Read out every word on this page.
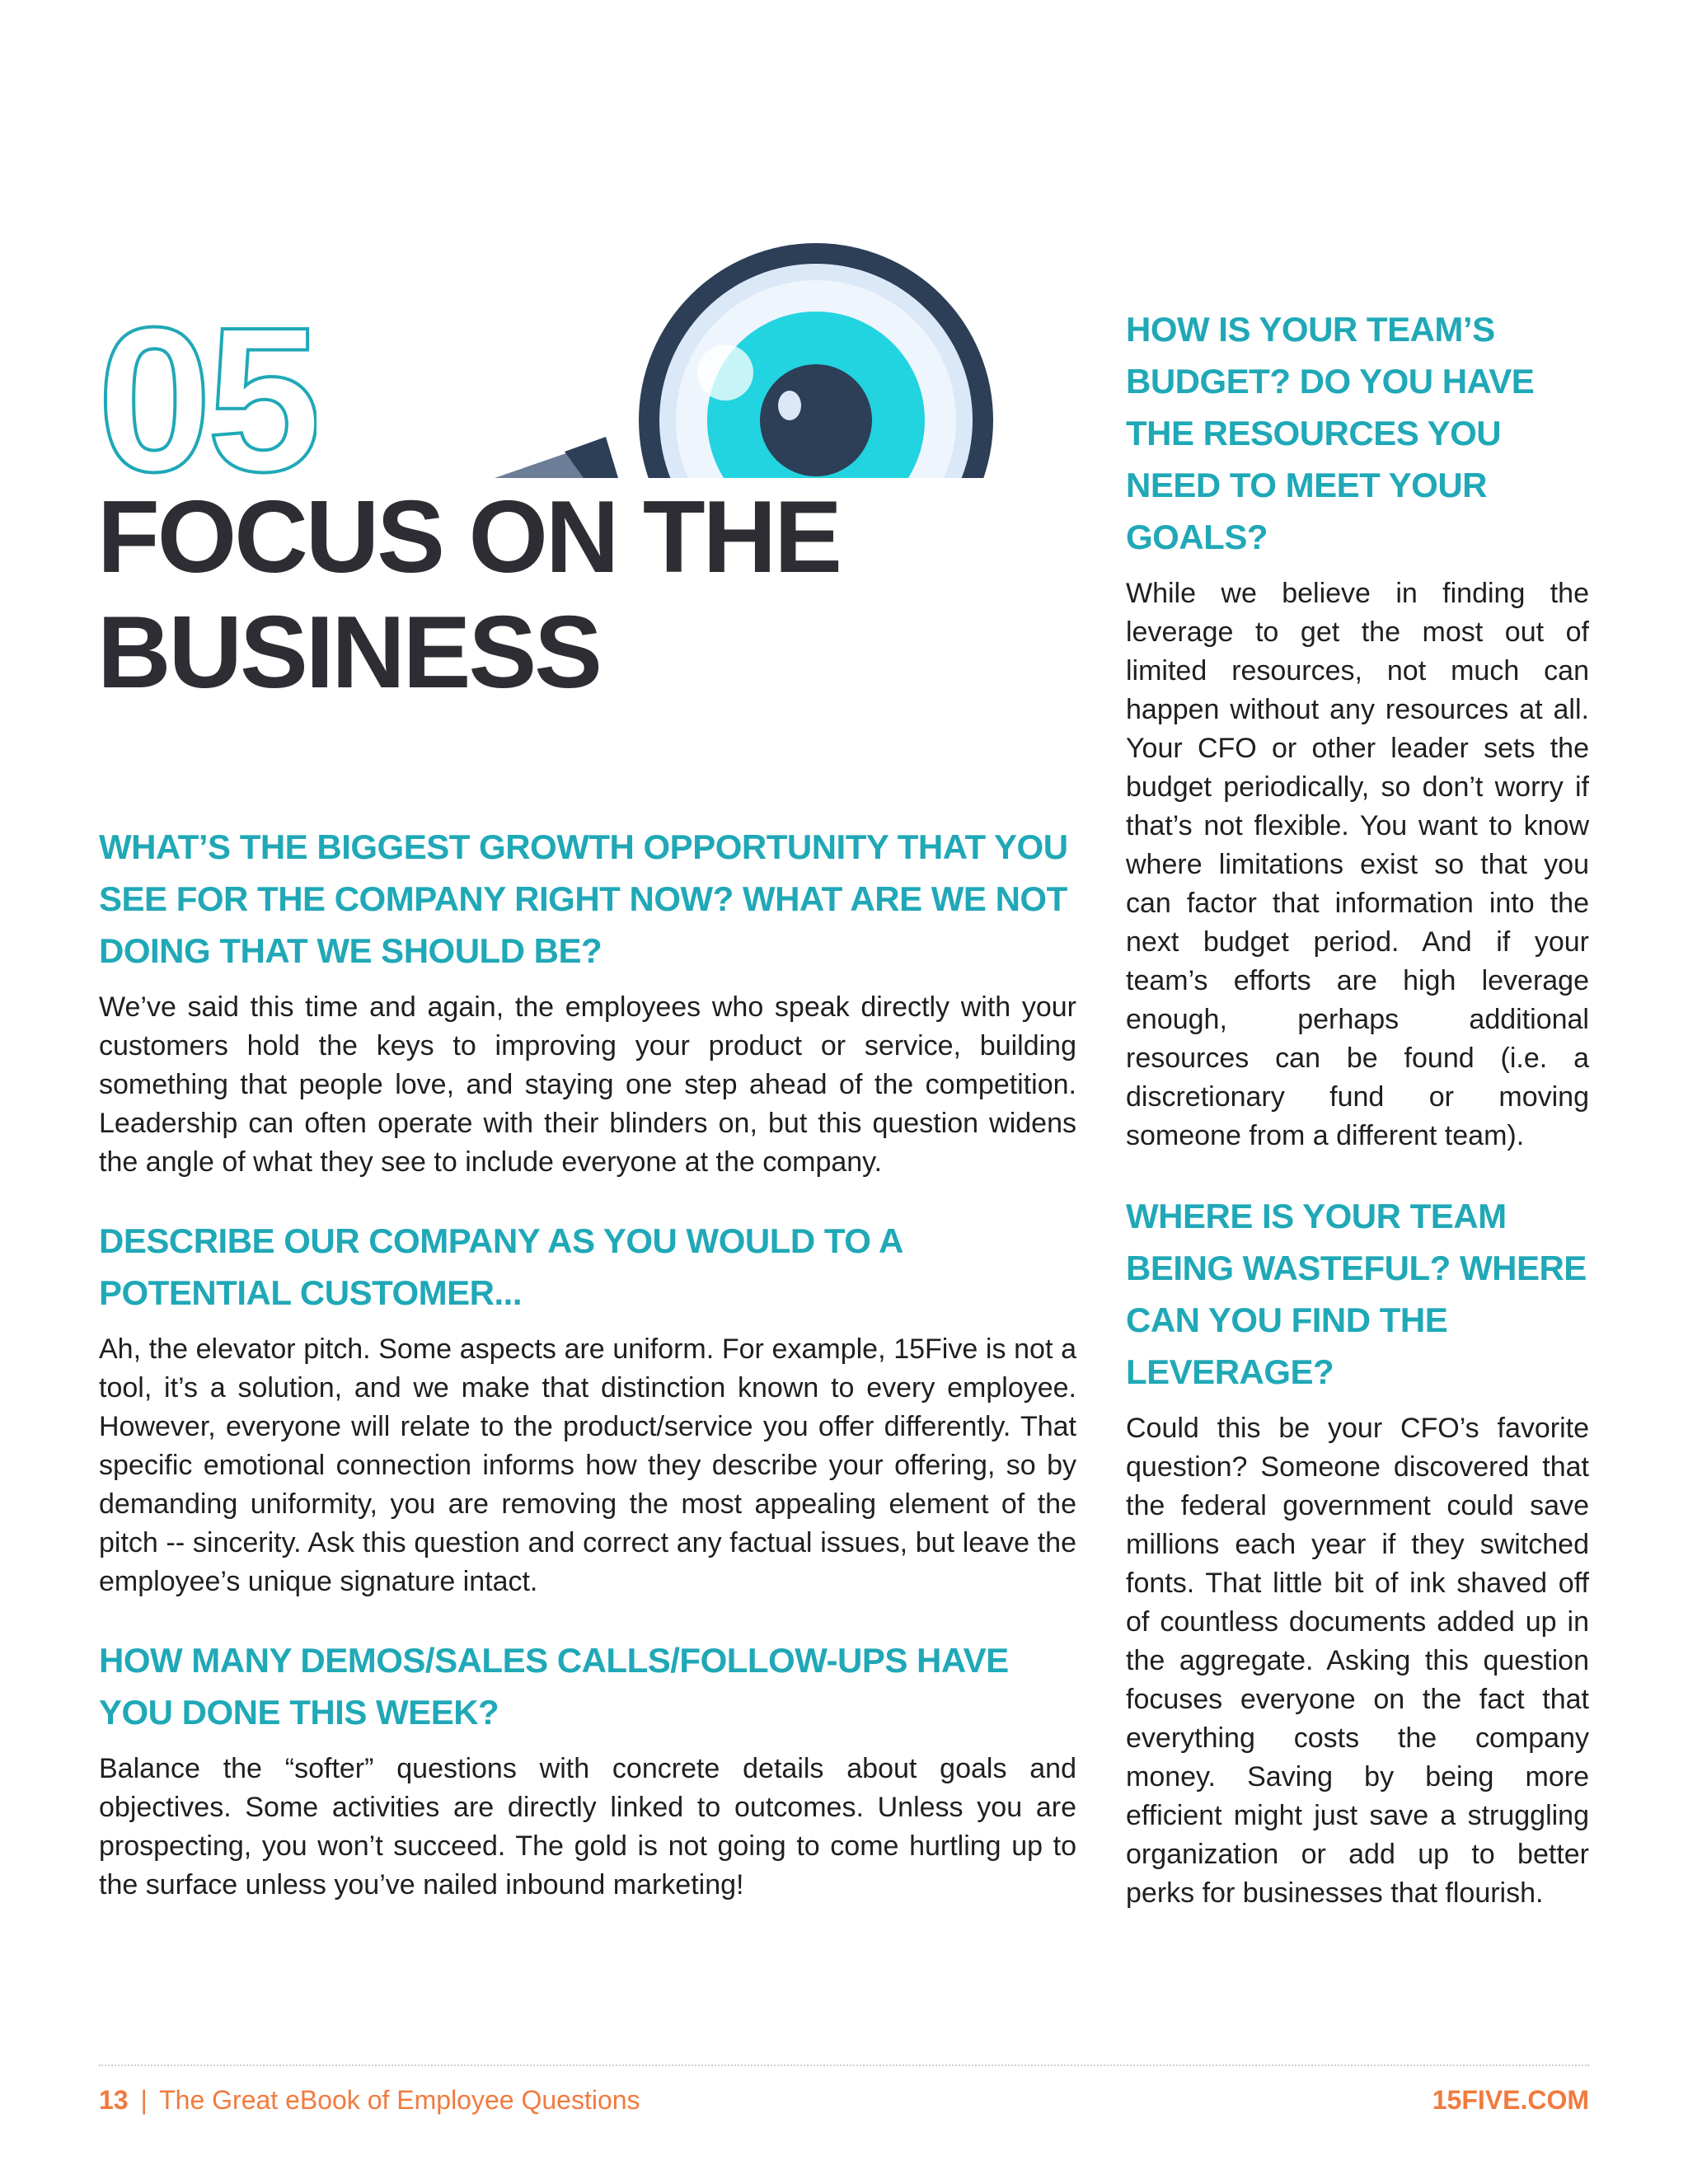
05
FOCUS ON THE
BUSINESS
WHAT’S THE BIGGEST GROWTH OPPORTUNITY THAT YOU SEE FOR THE COMPANY RIGHT NOW? WHAT ARE WE NOT DOING THAT WE SHOULD BE?

We’ve said this time and again, the employees who speak directly with your customers hold the keys to improving your product or service, building something that people love, and staying one step ahead of the competition. Leadership can often operate with their blinders on, but this question widens the angle of what they see to include everyone at the company.

DESCRIBE OUR COMPANY AS YOU WOULD TO A POTENTIAL CUSTOMER...

Ah, the elevator pitch. Some aspects are uniform. For example, 15Five is not a tool, it’s a solution, and we make that distinction known to every employee. However, everyone will relate to the product/service you offer differently. That specific emotional connection informs how they describe your offering, so by demanding uniformity, you are removing the most appealing element of the pitch -- sincerity. Ask this question and correct any factual issues, but leave the employee’s unique signature intact.

HOW MANY DEMOS/SALES CALLS/FOLLOW-UPS HAVE YOU DONE THIS WEEK?

Balance the “softer” questions with concrete details about goals and objectives. Some activities are directly linked to outcomes. Unless you are prospecting, you won’t succeed. The gold is not going to come hurtling up to the surface unless you’ve nailed inbound marketing!

HOW IS YOUR TEAM’S BUDGET? DO YOU HAVE THE RESOURCES YOU NEED TO MEET YOUR GOALS?

While we believe in finding the leverage to get the most out of limited resources, not much can happen without any resources at all. Your CFO or other leader sets the budget periodically, so don’t worry if that’s not flexible. You want to know where limitations exist so that you can factor that information into the next budget period. And if your team’s efforts are high leverage enough, perhaps additional resources can be found (i.e. a discretionary fund or moving someone from a different team).

WHERE IS YOUR TEAM BEING WASTEFUL? WHERE CAN YOU FIND THE LEVERAGE?

Could this be your CFO’s favorite question? Someone discovered that the federal government could save millions each year if they switched fonts. That little bit of ink shaved off of countless documents added up in the aggregate. Asking this question focuses everyone on the fact that everything costs the company money. Saving by being more efficient might just save a struggling organization or add up to better perks for businesses that flourish.

13 | The Great eBook of Employee Questions	15FIVE.COM
